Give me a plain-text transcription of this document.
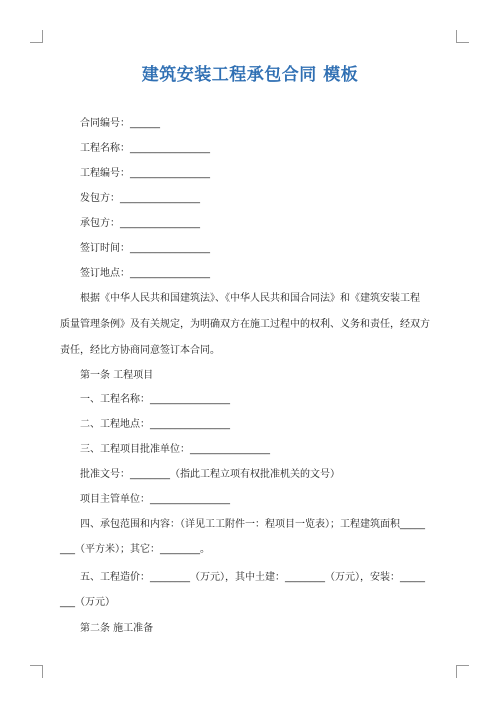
建筑安装工程承包合同 模板
合同编号：______
工程名称：________________
工程编号：________________
发包方：________________
承包方：________________
签订时间：________________
签订地点：________________
根据《中华人民共和国建筑法》、《中华人民共和国合同法》和《建筑安装工程
质量管理条例》及有关规定，为明确双方在施工过程中的权利、义务和责任，经双方
责任，经比方协商同意签订本合同。
第一条 工程项目
一、工程名称：________________
二、工程地点：________________
三、工程项目批准单位：________________
批准文号：________（指此工程立项有权批准机关的文号）
项目主管单位：________________
四、承包范围和内容：（详见工工附件一：程项目一览表）；工程建筑面积_____
___（平方米）；其它：________。
五、工程造价：________（万元），其中土建：________（万元），安装：_____
___（万元）
第二条 施工准备
